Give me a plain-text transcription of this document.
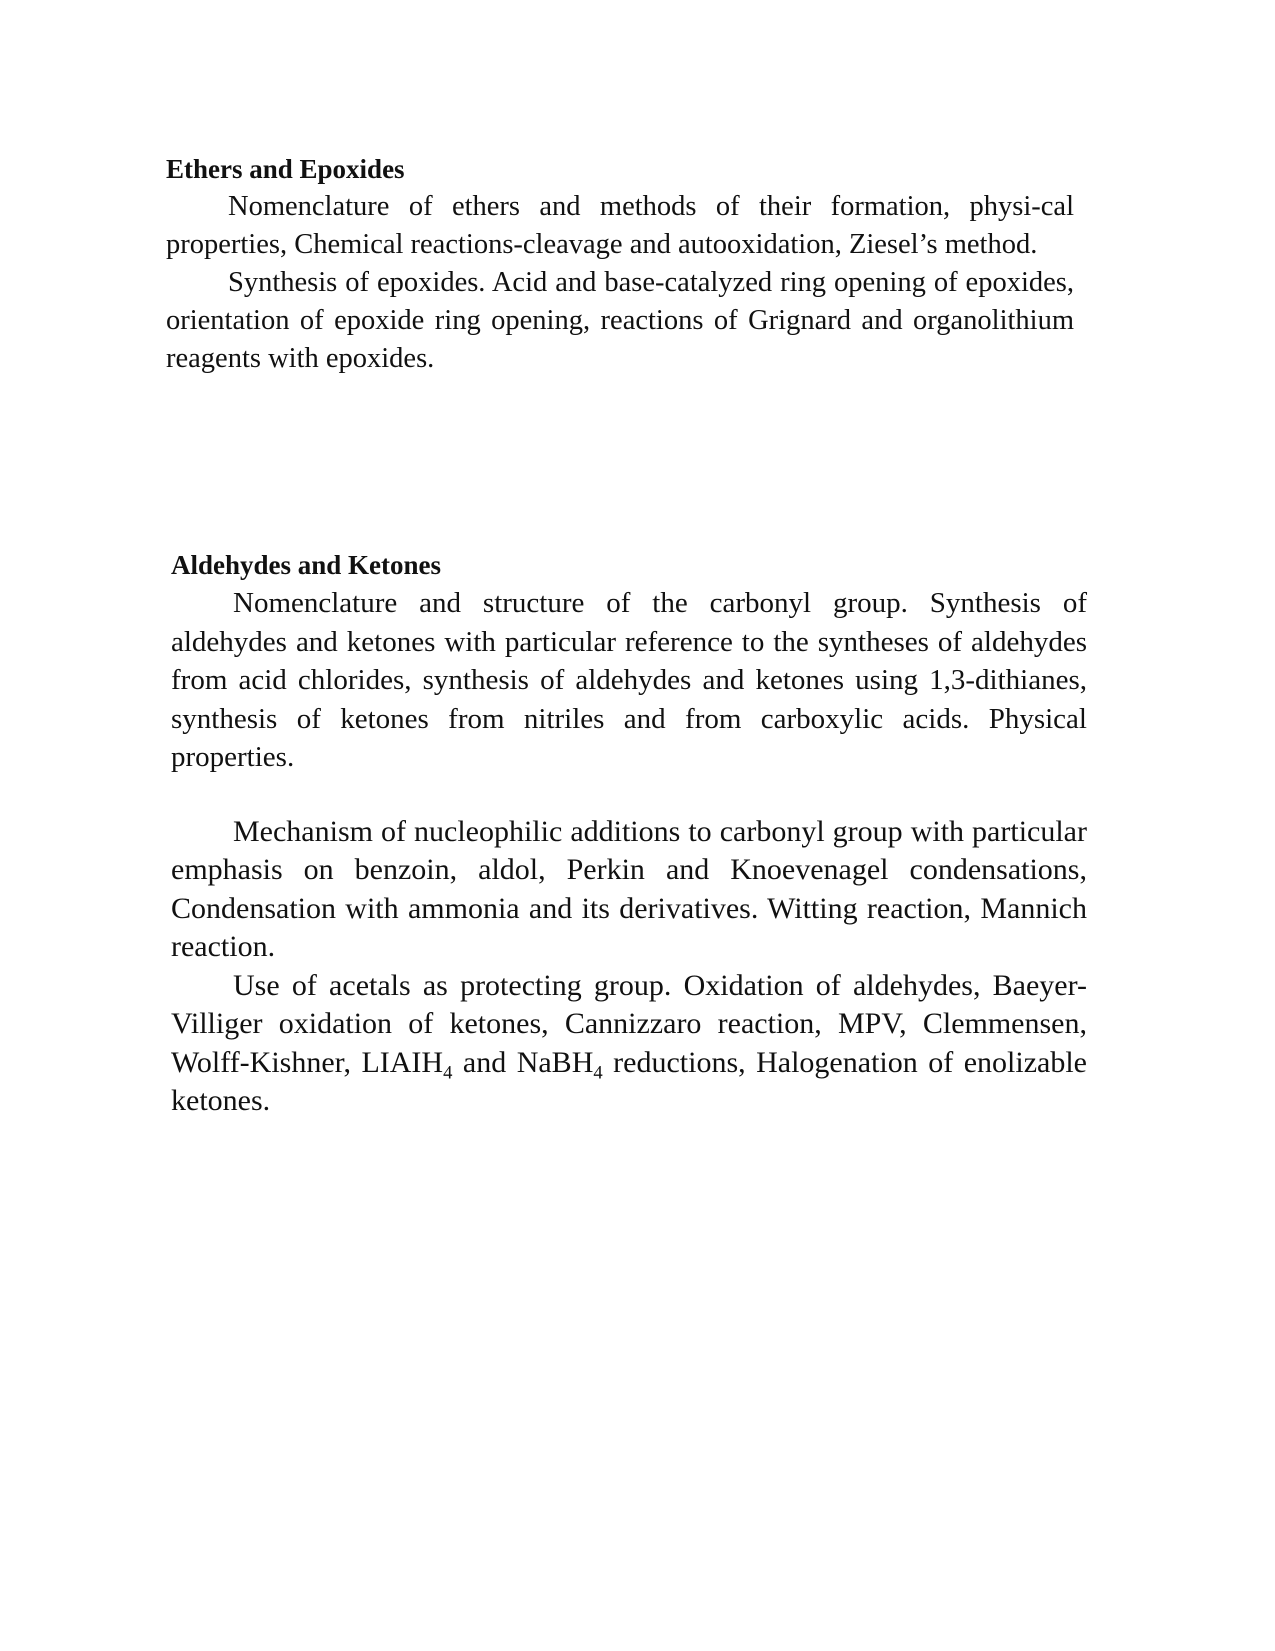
Ethers and Epoxides

Nomenclature of ethers and methods of their formation, physi-cal properties, Chemical reactions-cleavage and autooxidation, Ziesel’s method.

Synthesis of epoxides. Acid and base-catalyzed ring opening of epoxides, orientation of epoxide ring opening, reactions of Grignard and organolithium reagents with epoxides.

Aldehydes and Ketones

Nomenclature and structure of the carbonyl group. Synthesis of aldehydes and ketones with particular reference to the syntheses of aldehydes from acid chlorides, synthesis of aldehydes and ketones using 1,3-dithianes, synthesis of ketones from nitriles and from carboxylic acids. Physical properties.

Mechanism of nucleophilic additions to carbonyl group with particular emphasis on benzoin, aldol, Perkin and Knoevenagel condensations, Condensation with ammonia and its derivatives. Witting reaction, Mannich reaction.

Use of acetals as protecting group. Oxidation of aldehydes, Baeyer-Villiger oxidation of ketones, Cannizzaro reaction, MPV, Clemmensen, Wolff-Kishner, $LIAIH_4$ and NaBH$_4$ reductions, Halogenation of enolizable ketones.
